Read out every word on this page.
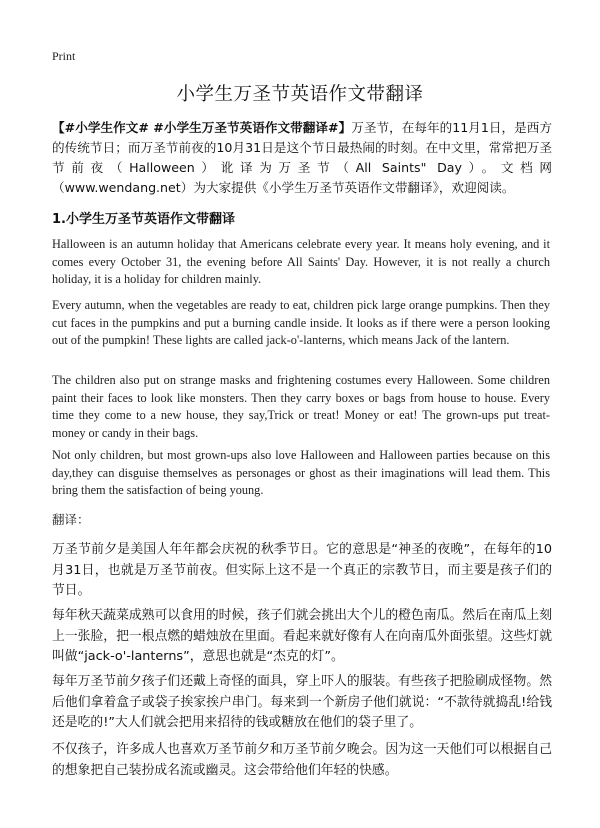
Print
小学生万圣节英语作文带翻译
【#小学生作文# #小学生万圣节英语作文带翻译#】万圣节，在每年的11月1日，是西方的传统节日；而万圣节前夜的10月31日是这个节日最热闹的时刻。在中文里，常常把万圣节前夜（Halloween）讹译为万圣节（All Saints" Day）。文档网（www.wendang.net）为大家提供《小学生万圣节英语作文带翻译》，欢迎阅读。
1.小学生万圣节英语作文带翻译
Halloween is an autumn holiday that Americans celebrate every year. It means holy evening, and it comes every October 31, the evening before All Saints' Day. However, it is not really a church holiday, it is a holiday for children mainly.
Every autumn, when the vegetables are ready to eat, children pick large orange pumpkins. Then they cut faces in the pumpkins and put a burning candle inside. It looks as if there were a person looking out of the pumpkin! These lights are called jack-o'-lanterns, which means Jack of the lantern.
The children also put on strange masks and frightening costumes every Halloween. Some children paint their faces to look like monsters. Then they carry boxes or bags from house to house. Every time they come to a new house, they say,Trick or treat! Money or eat! The grown-ups put treat-money or candy in their bags.
Not only children, but most grown-ups also love Halloween and Halloween parties because on this day,they can disguise themselves as personages or ghost as their imaginations will lead them. This bring them the satisfaction of being young.
翻译：
万圣节前夕是美国人年年都会庆祝的秋季节日。它的意思是“神圣的夜晚”，在每年的10月31日，也就是万圣节前夜。但实际上这不是一个真正的宗教节日，而主要是孩子们的节日。
每年秋天蔬菜成熟可以食用的时候，孩子们就会挑出大个儿的橙色南瓜。然后在南瓜上刻上一张脸，把一根点燃的蜡烛放在里面。看起来就好像有人在向南瓜外面张望。这些灯就叫做“jack-o'-lanterns”，意思也就是“杰克的灯”。
每年万圣节前夕孩子们还戴上奇怪的面具，穿上吓人的服装。有些孩子把脸刷成怪物。然后他们拿着盒子或袋子挨家挨户串门。每来到一个新房子他们就说：“不款待就捣乱!给钱还是吃的!”大人们就会把用来招待的钱或糖放在他们的袋子里了。
不仅孩子，许多成人也喜欢万圣节前夕和万圣节前夕晚会。因为这一天他们可以根据自己的想象把自己装扮成名流或幽灵。这会带给他们年轻的快感。
